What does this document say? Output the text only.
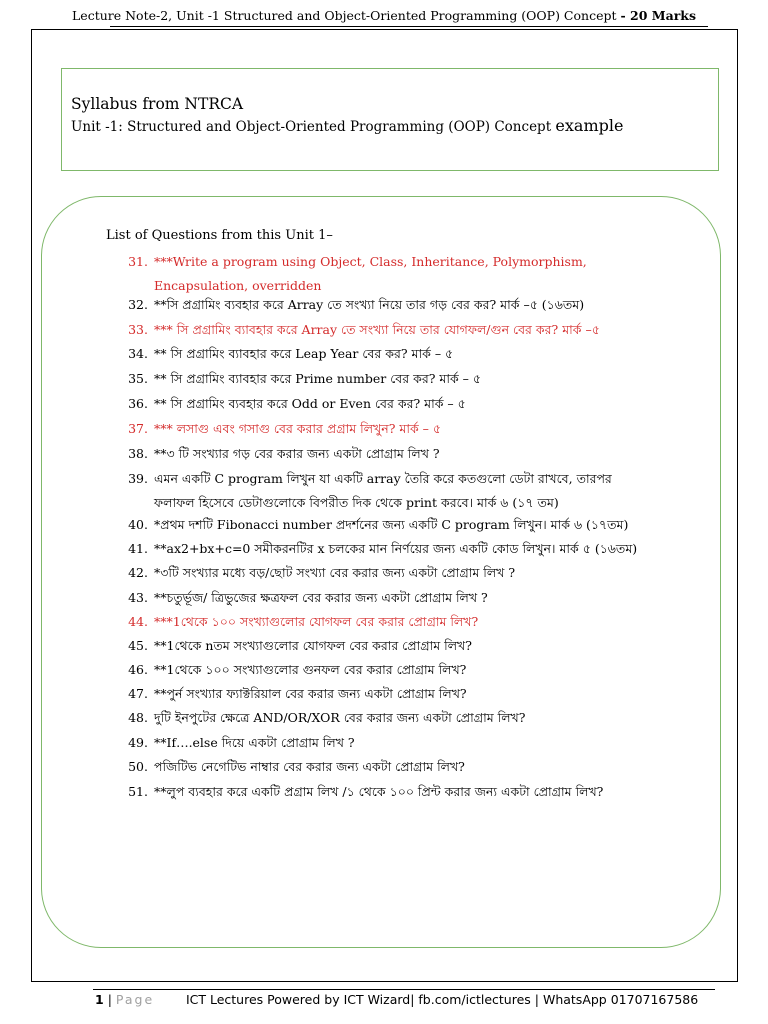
Lecture Note-2, Unit -1 Structured and Object-Oriented Programming (OOP) Concept - 20 Marks
Syllabus from NTRCA
Unit -1: Structured and Object-Oriented Programming (OOP) Concept example
List of Questions from this Unit 1–
31. ***Write a program using Object, Class, Inheritance, Polymorphism,
Encapsulation, overridden
32. **সি প্রগ্রামিং ব্যবহার করে Array তে সংখ্যা নিয়ে তার গড় বের কর? মার্ক –৫ (১৬তম)
33. *** সি প্রগ্রামিং ব্যাবহার করে Array তে সংখ্যা নিয়ে তার যোগফল/গুন বের কর? মার্ক –৫
34. ** সি প্রগ্রামিং ব্যাবহার করে Leap Year বের কর? মার্ক – ৫
35. ** সি প্রগ্রামিং ব্যাবহার করে Prime number বের কর? মার্ক – ৫
36. ** সি প্রগ্রামিং ব্যবহার করে Odd or Even বের কর? মার্ক – ৫
37. *** লসাগু এবং গসাগু বের করার প্রগ্রাম লিখুন? মার্ক – ৫
38. **৩ টি সংখ্যার গড় বের করার জন্য একটা প্রোগ্রাম লিখ ?
39. এমন একটি C program লিখুন যা একটি array তৈরি করে কতগুলো ডেটা রাখবে, তারপর
ফলাফল হিসেবে ডেটাগুলোকে বিপরীত দিক থেকে print করবে। মার্ক ৬ (১৭ তম)
40. *প্রথম দশটি Fibonacci number প্রদর্শনের জন্য একটি C program লিখুন। মার্ক ৬ (১৭তম)
41. **ax2+bx+c=0 সমীকরনটির x চলকের মান নির্ণয়ের জন্য একটি কোড লিখুন। মার্ক ৫ (১৬তম)
42. *৩টি সংখ্যার মধ্যে বড়/ছোট সংখ্যা বের করার জন্য একটা প্রোগ্রাম লিখ ?
43. **চতুর্ভূজ/ ত্রিভুজের ক্ষত্রফল বের করার জন্য একটা প্রোগ্রাম লিখ ?
44. ***1থেকে ১০০ সংখ্যাগুলোর যোগফল বের করার প্রোগ্রাম লিখ?
45. **1থেকে nতম সংখ্যাগুলোর যোগফল বের করার প্রোগ্রাম লিখ?
46. **1থেকে ১০০ সংখ্যাগুলোর গুনফল বের করার প্রোগ্রাম লিখ?
47. **পুর্ন সংখ্যার ফ্যাক্টরিয়াল বের করার জন্য একটা প্রোগ্রাম লিখ?
48. দুটি ইনপুটের ক্ষেত্রে AND/OR/XOR বের করার জন্য একটা প্রোগ্রাম লিখ?
49. **If….else দিয়ে একটা প্রোগ্রাম লিখ ?
50. পজিটিভ নেগেটিভ নাম্বার বের করার জন্য একটা প্রোগ্রাম লিখ?
51. **লুপ ব্যবহার করে একটি প্রগ্রাম লিখ /১ থেকে ১০০ প্রিন্ট করার জন্য একটা প্রোগ্রাম লিখ?
1 | Page	ICT Lectures Powered by ICT Wizard| fb.com/ictlectures | WhatsApp 01707167586
